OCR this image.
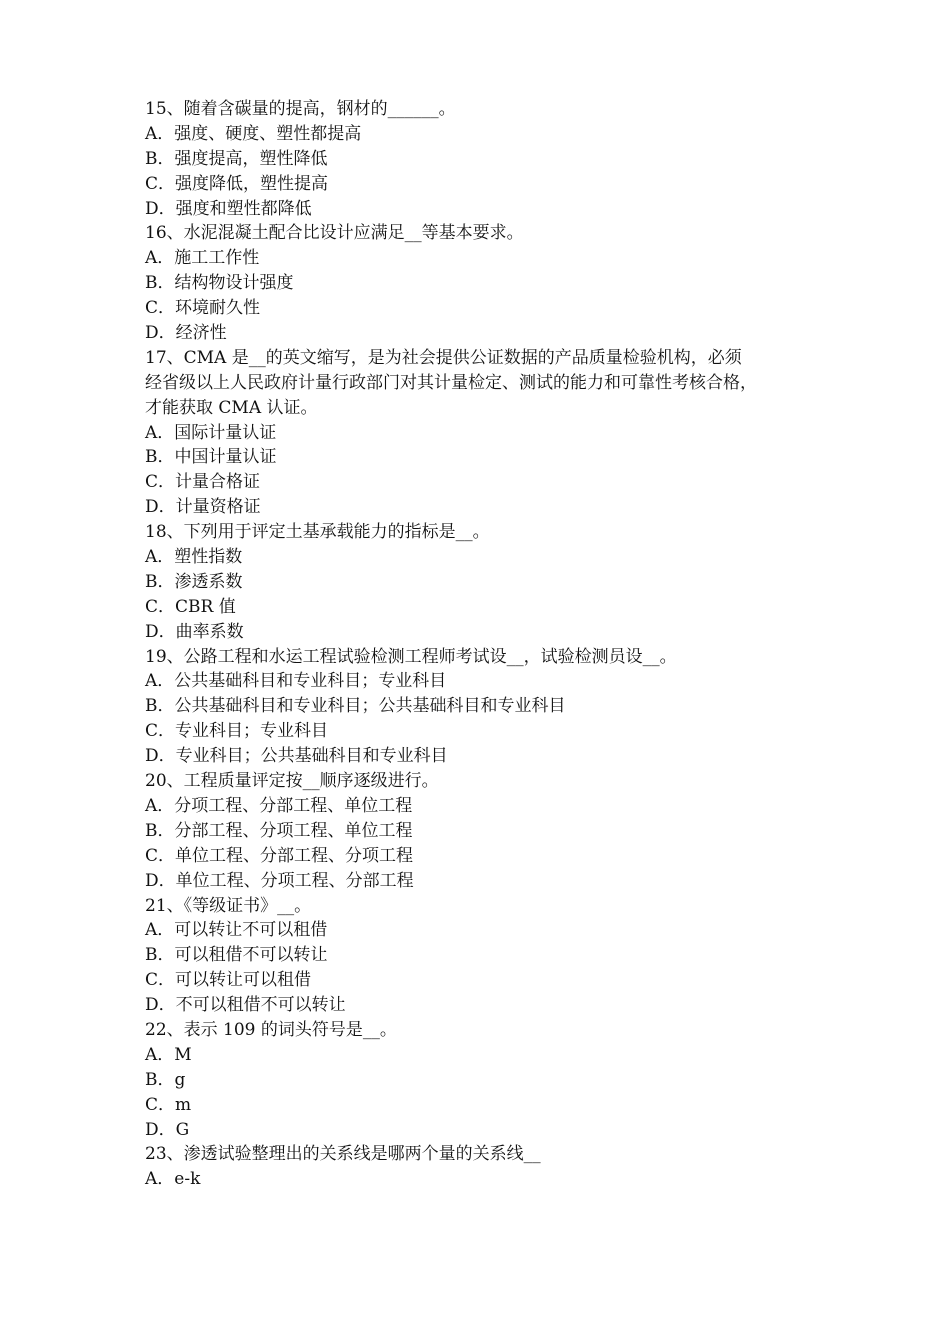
15、随着含碳量的提高，钢材的______。
A．强度、硬度、塑性都提高
B．强度提高，塑性降低
C．强度降低，塑性提高
D．强度和塑性都降低
16、水泥混凝土配合比设计应满足__等基本要求。
A．施工工作性
B．结构物设计强度
C．环境耐久性
D．经济性
17、CMA 是__的英文缩写，是为社会提供公证数据的产品质量检验机构，必须
经省级以上人民政府计量行政部门对其计量检定、测试的能力和可靠性考核合格，
才能获取 CMA 认证。
A．国际计量认证
B．中国计量认证
C．计量合格证
D．计量资格证
18、下列用于评定土基承载能力的指标是__。
A．塑性指数
B．渗透系数
C．CBR 值
D．曲率系数
19、公路工程和水运工程试验检测工程师考试设__，试验检测员设__。
A．公共基础科目和专业科目；专业科目
B．公共基础科目和专业科目；公共基础科目和专业科目
C．专业科目；专业科目
D．专业科目；公共基础科目和专业科目
20、工程质量评定按__顺序逐级进行。
A．分项工程、分部工程、单位工程
B．分部工程、分项工程、单位工程
C．单位工程、分部工程、分项工程
D．单位工程、分项工程、分部工程
21、《等级证书》__。
A．可以转让不可以租借
B．可以租借不可以转让
C．可以转让可以租借
D．不可以租借不可以转让
22、表示 109 的词头符号是__。
A．M
B．g
C．m
D．G
23、渗透试验整理出的关系线是哪两个量的关系线__
A．e-k
